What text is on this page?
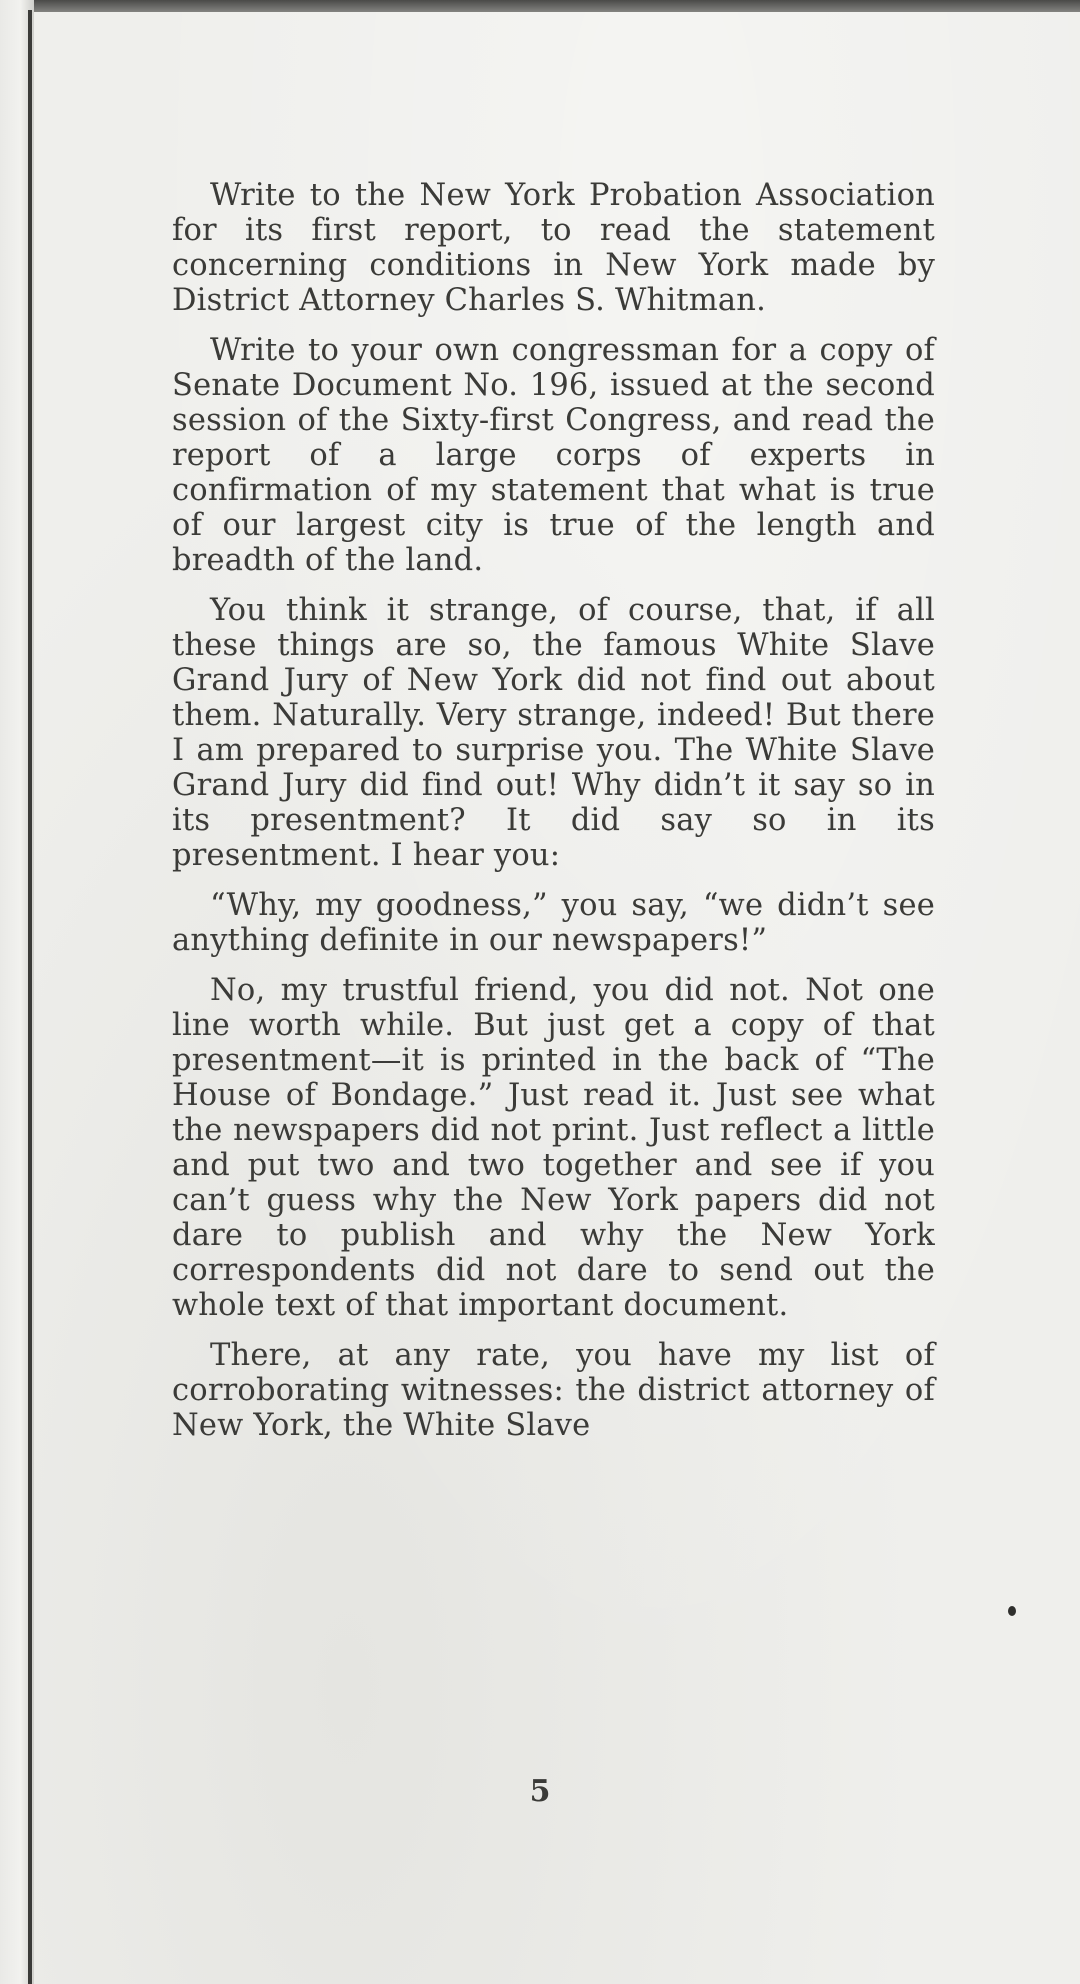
Write to the New York Probation Association for its first report, to read the statement concerning conditions in New York made by District Attorney Charles S. Whitman.

Write to your own congressman for a copy of Senate Document No. 196, issued at the second session of the Sixty-first Congress, and read the report of a large corps of experts in confirmation of my statement that what is true of our largest city is true of the length and breadth of the land.

You think it strange, of course, that, if all these things are so, the famous White Slave Grand Jury of New York did not find out about them. Naturally. Very strange, indeed! But there I am prepared to surprise you. The White Slave Grand Jury did find out! Why didn’t it say so in its presentment? It did say so in its presentment. I hear you:

“Why, my goodness,” you say, “we didn’t see anything definite in our newspapers!”

No, my trustful friend, you did not. Not one line worth while. But just get a copy of that presentment—it is printed in the back of “The House of Bondage.” Just read it. Just see what the newspapers did not print. Just reflect a little and put two and two together and see if you can’t guess why the New York papers did not dare to publish and why the New York correspondents did not dare to send out the whole text of that important document.

There, at any rate, you have my list of corroborating witnesses: the district attorney of New York, the White Slave

5
